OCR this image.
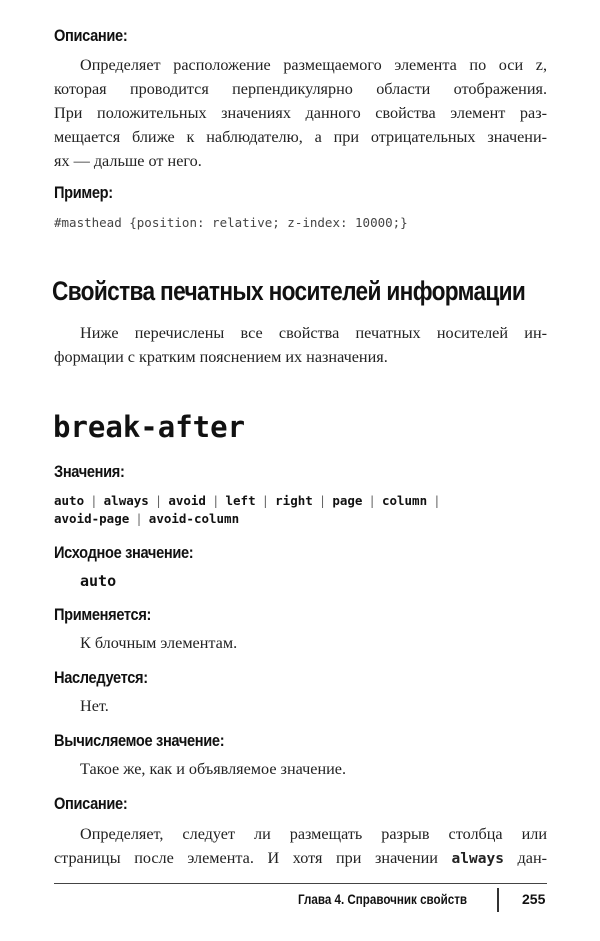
Описание:
Определяет расположение размещаемого элемента по оси z,
которая проводится перпендикулярно области отображения.
При положительных значениях данного свойства элемент раз-
мещается ближе к наблюдателю, а при отрицательных значени-
ях — дальше от него.
Пример:
#masthead {position: relative; z-index: 10000;}
Свойства печатных носителей информации
Ниже перечислены все свойства печатных носителей ин-
формации с кратким пояснением их назначения.
break-after
Значения:
auto | always | avoid | left | right | page | column |
avoid-page | avoid-column
Исходное значение:
auto
Применяется:
К блочным элементам.
Наследуется:
Нет.
Вычисляемое значение:
Такое же, как и объявляемое значение.
Описание:
Определяет, следует ли размещать разрыв столбца или
страницы после элемента. И хотя при значении always дан-
Глава 4. Справочник свойств	255
